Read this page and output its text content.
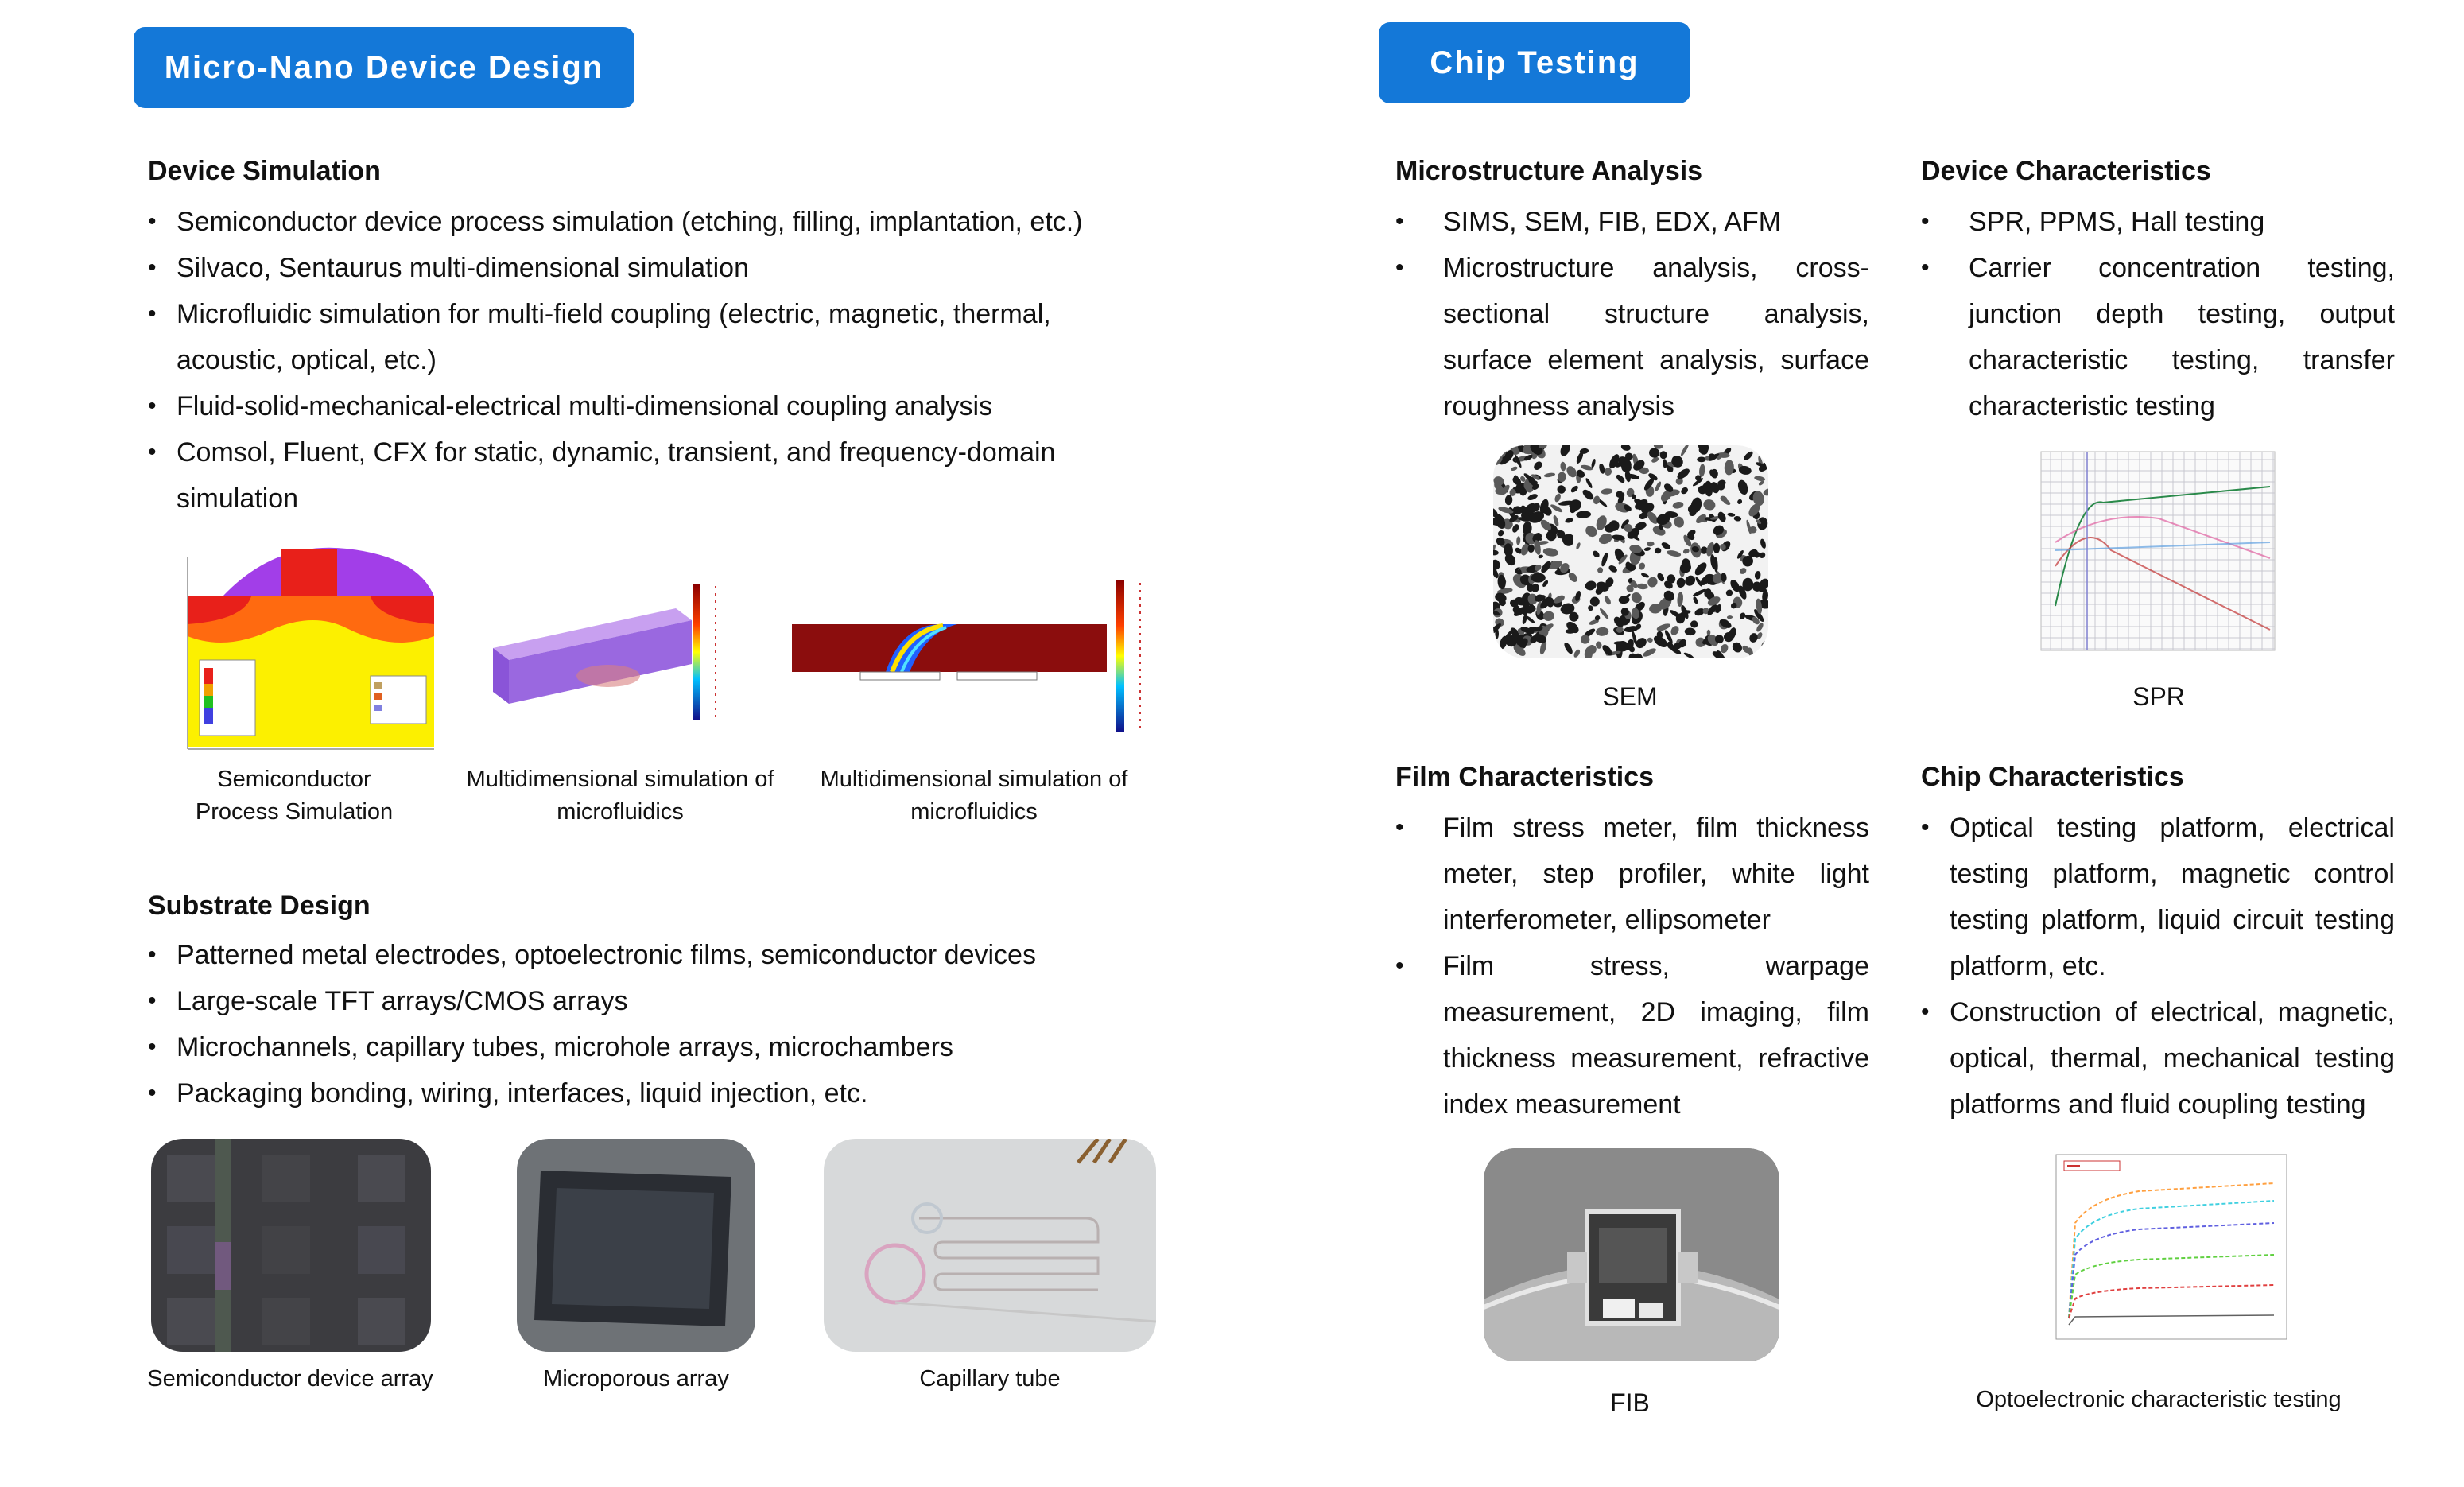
Micro-Nano Device Design
Device Simulation
• Semiconductor device process simulation (etching, filling, implantation, etc.)
• Silvaco, Sentaurus multi-dimensional simulation
• Microfluidic simulation for multi-field coupling (electric, magnetic, thermal, acoustic, optical, etc.)
• Fluid-solid-mechanical-electrical multi-dimensional coupling analysis
• Comsol, Fluent, CFX for static, dynamic, transient, and frequency-domain simulation
Semiconductor Process Simulation
Multidimensional simulation of microfluidics
Multidimensional simulation of microfluidics
Substrate Design
• Patterned metal electrodes, optoelectronic films, semiconductor devices
• Large-scale TFT arrays/CMOS arrays
• Microchannels, capillary tubes, microhole arrays, microchambers
• Packaging bonding, wiring, interfaces, liquid injection, etc.
Semiconductor device array	Microporous array	Capillary tube
Chip Testing
Microstructure Analysis
• SIMS, SEM, FIB, EDX, AFM
• Microstructure analysis, cross-sectional structure analysis, surface element analysis, surface roughness analysis
SEM
Device Characteristics
• SPR, PPMS, Hall testing
• Carrier concentration testing, junction depth testing, output characteristic testing, transfer characteristic testing
SPR
Film Characteristics
• Film stress meter, film thickness meter, step profiler, white light interferometer, ellipsometer
• Film stress, warpage measurement, 2D imaging, film thickness measurement, refractive index measurement
FIB
Chip Characteristics
• Optical testing platform, electrical testing platform, magnetic control testing platform, liquid circuit testing platform, etc.
• Construction of electrical, magnetic, optical, thermal, mechanical testing platforms and fluid coupling testing
Optoelectronic characteristic testing
